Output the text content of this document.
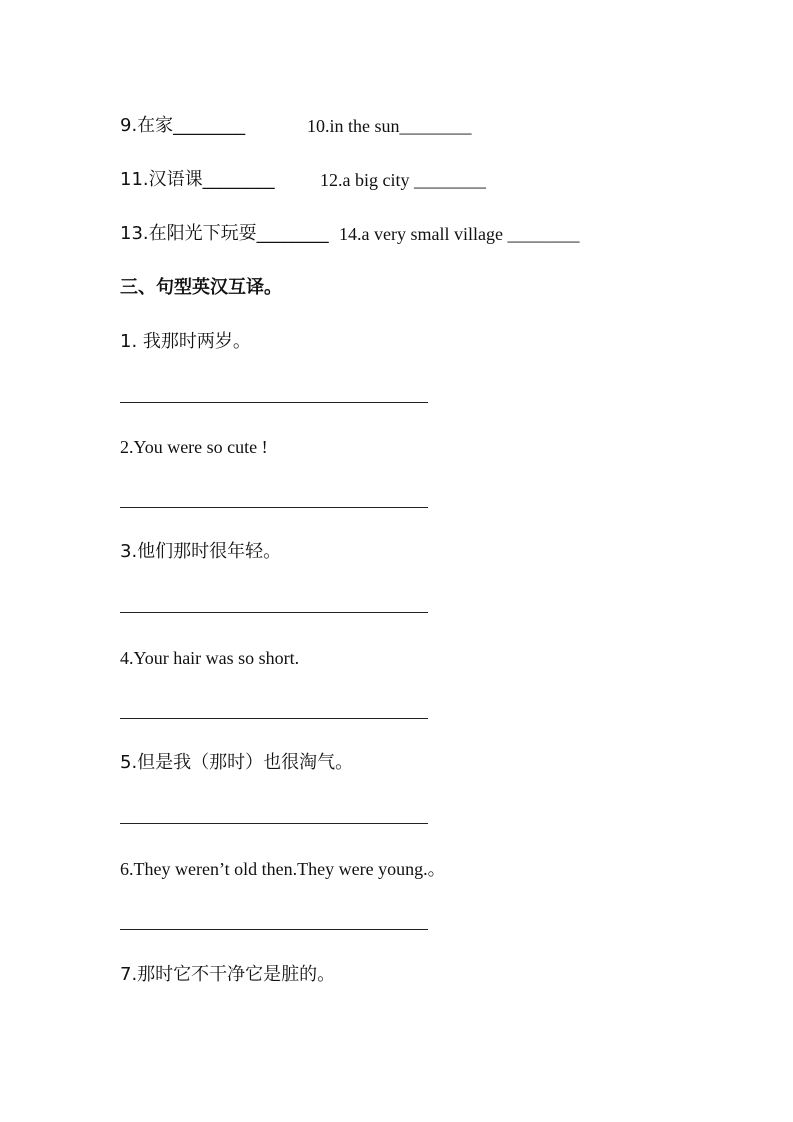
9.在家________	10.in the sun________
11.汉语课________	12.a big city ________
13.在阳光下玩耍________ 14.a very small village ________
三、句型英汉互译。
1. 我那时两岁。
2.You were so cute !
3.他们那时很年轻。
4.Your hair was so short.
5.但是我（那时）也很淘气。
6.They weren’t old then.They were young.。
7.那时它不干净它是脏的。
